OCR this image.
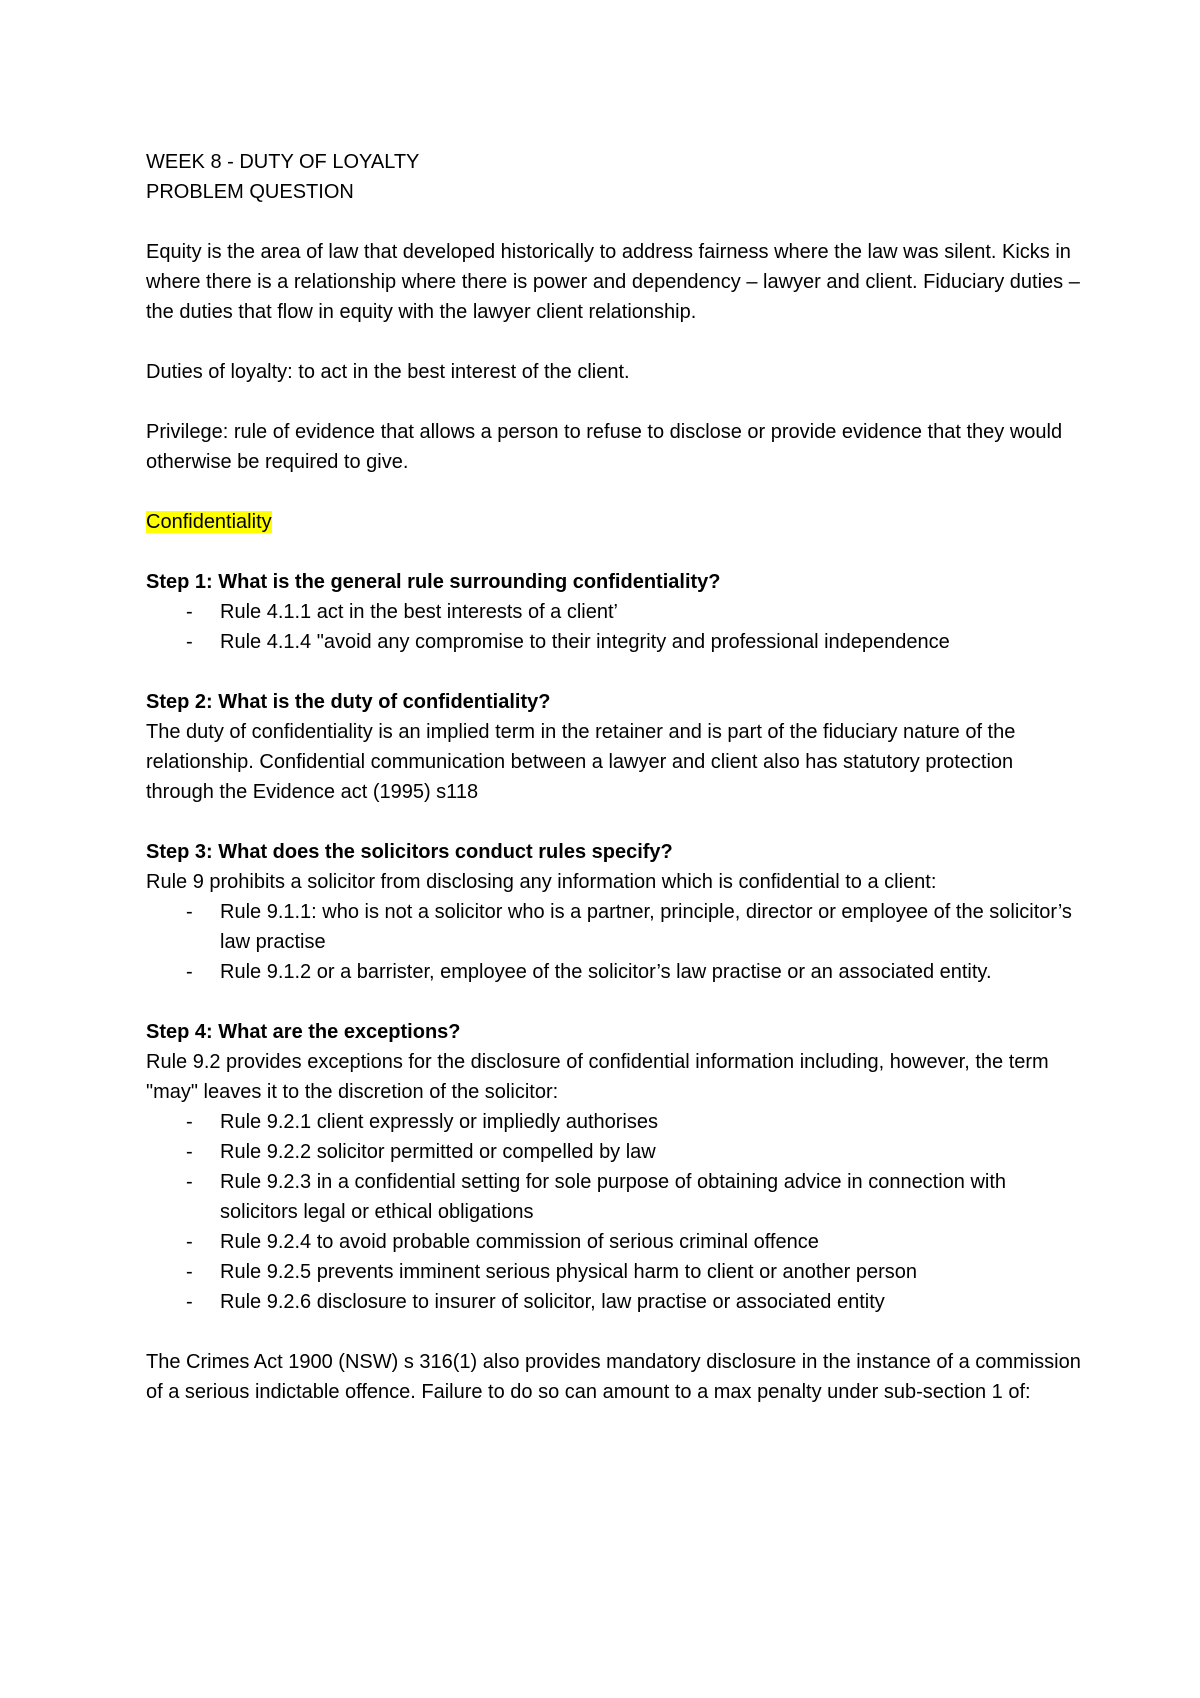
WEEK 8 - DUTY OF LOYALTY

PROBLEM QUESTION

Equity is the area of law that developed historically to address fairness where the law was silent. Kicks in where there is a relationship where there is power and dependency – lawyer and client. Fiduciary duties – the duties that flow in equity with the lawyer client relationship.

Duties of loyalty: to act in the best interest of the client.

Privilege: rule of evidence that allows a person to refuse to disclose or provide evidence that they would otherwise be required to give.

Confidentiality

Step 1: What is the general rule surrounding confidentiality?

- Rule 4.1.1 act in the best interests of a client’
- Rule 4.1.4 "avoid any compromise to their integrity and professional independence

Step 2: What is the duty of confidentiality?

The duty of confidentiality is an implied term in the retainer and is part of the fiduciary nature of the relationship. Confidential communication between a lawyer and client also has statutory protection through the Evidence act (1995) s118

Step 3: What does the solicitors conduct rules specify?

Rule 9 prohibits a solicitor from disclosing any information which is confidential to a client:

- Rule 9.1.1: who is not a solicitor who is a partner, principle, director or employee of the solicitor’s law practise
- Rule 9.1.2 or a barrister, employee of the solicitor’s law practise or an associated entity.

Step 4: What are the exceptions?

Rule 9.2 provides exceptions for the disclosure of confidential information including, however, the term "may" leaves it to the discretion of the solicitor:

- Rule 9.2.1 client expressly or impliedly authorises
- Rule 9.2.2 solicitor permitted or compelled by law
- Rule 9.2.3 in a confidential setting for sole purpose of obtaining advice in connection with solicitors legal or ethical obligations
- Rule 9.2.4 to avoid probable commission of serious criminal offence
- Rule 9.2.5 prevents imminent serious physical harm to client or another person
- Rule 9.2.6 disclosure to insurer of solicitor, law practise or associated entity

The Crimes Act 1900 (NSW) s 316(1) also provides mandatory disclosure in the instance of a commission of a serious indictable offence. Failure to do so can amount to a max penalty under sub-section 1 of:
